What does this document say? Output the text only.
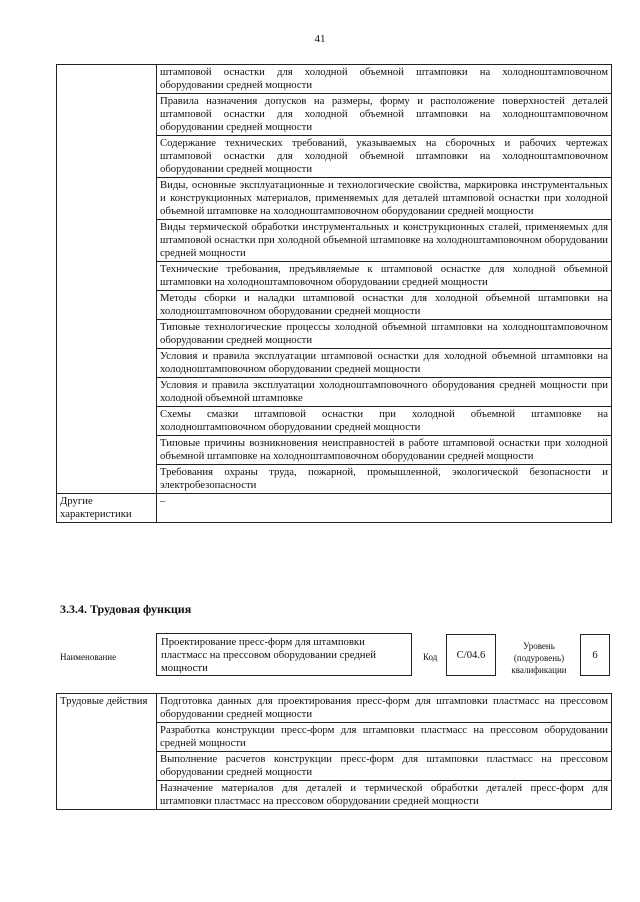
41
	штамповой оснастки для холодной объемной штамповки на холодноштамповочном оборудовании средней мощности
	Правила назначения допусков на размеры, форму и расположение поверхностей деталей штамповой оснастки для холодной объемной штамповки на холодноштамповочном оборудовании средней мощности
	Содержание технических требований, указываемых на сборочных и рабочих чертежах штамповой оснастки для холодной объемной штамповки на холодноштамповочном оборудовании средней мощности
	Виды, основные эксплуатационные и технологические свойства, маркировка инструментальных и конструкционных материалов, применяемых для деталей штамповой оснастки при холодной объемной штамповке на холодноштамповочном оборудовании средней мощности
	Виды термической обработки инструментальных и конструкционных сталей, применяемых для штамповой оснастки при холодной объемной штамповке на холодноштамповочном оборудовании средней мощности
	Технические требования, предъявляемые к штамповой оснастке для холодной объемной штамповки на холодноштамповочном оборудовании средней мощности
	Методы сборки и наладки штамповой оснастки для холодной объемной штамповки на холодноштамповочном оборудовании средней мощности
	Типовые технологические процессы холодной объемной штамповки на холодноштамповочном оборудовании средней мощности
	Условия и правила эксплуатации штамповой оснастки для холодной объемной штамповки на холодноштамповочном оборудовании средней мощности
	Условия и правила эксплуатации холодноштамповочного оборудования средней мощности при холодной объемной штамповке
	Схемы смазки штамповой оснастки при холодной объемной штамповке на холодноштамповочном оборудовании средней мощности
	Типовые причины возникновения неисправностей в работе штамповой оснастки при холодной объемной штамповке на холодноштамповочном оборудовании средней мощности
	Требования охраны труда, пожарной, промышленной, экологической безопасности и электробезопасности
Другие характеристики	–
3.3.4. Трудовая функция
Наименование
Проектирование пресс-форм для штамповки пластмасс на прессовом оборудовании средней мощности
Код	С/04.6
Уровень (подуровень) квалификации
6
Трудовые действия	Подготовка данных для проектирования пресс-форм для штамповки пластмасс на прессовом оборудовании средней мощности
Разработка конструкции пресс-форм для штамповки пластмасс на прессовом оборудовании средней мощности
Выполнение расчетов конструкции пресс-форм для штамповки пластмасс на прессовом оборудовании средней мощности
Назначение материалов для деталей и термической обработки деталей пресс-форм для штамповки пластмасс на прессовом оборудовании средней мощности
